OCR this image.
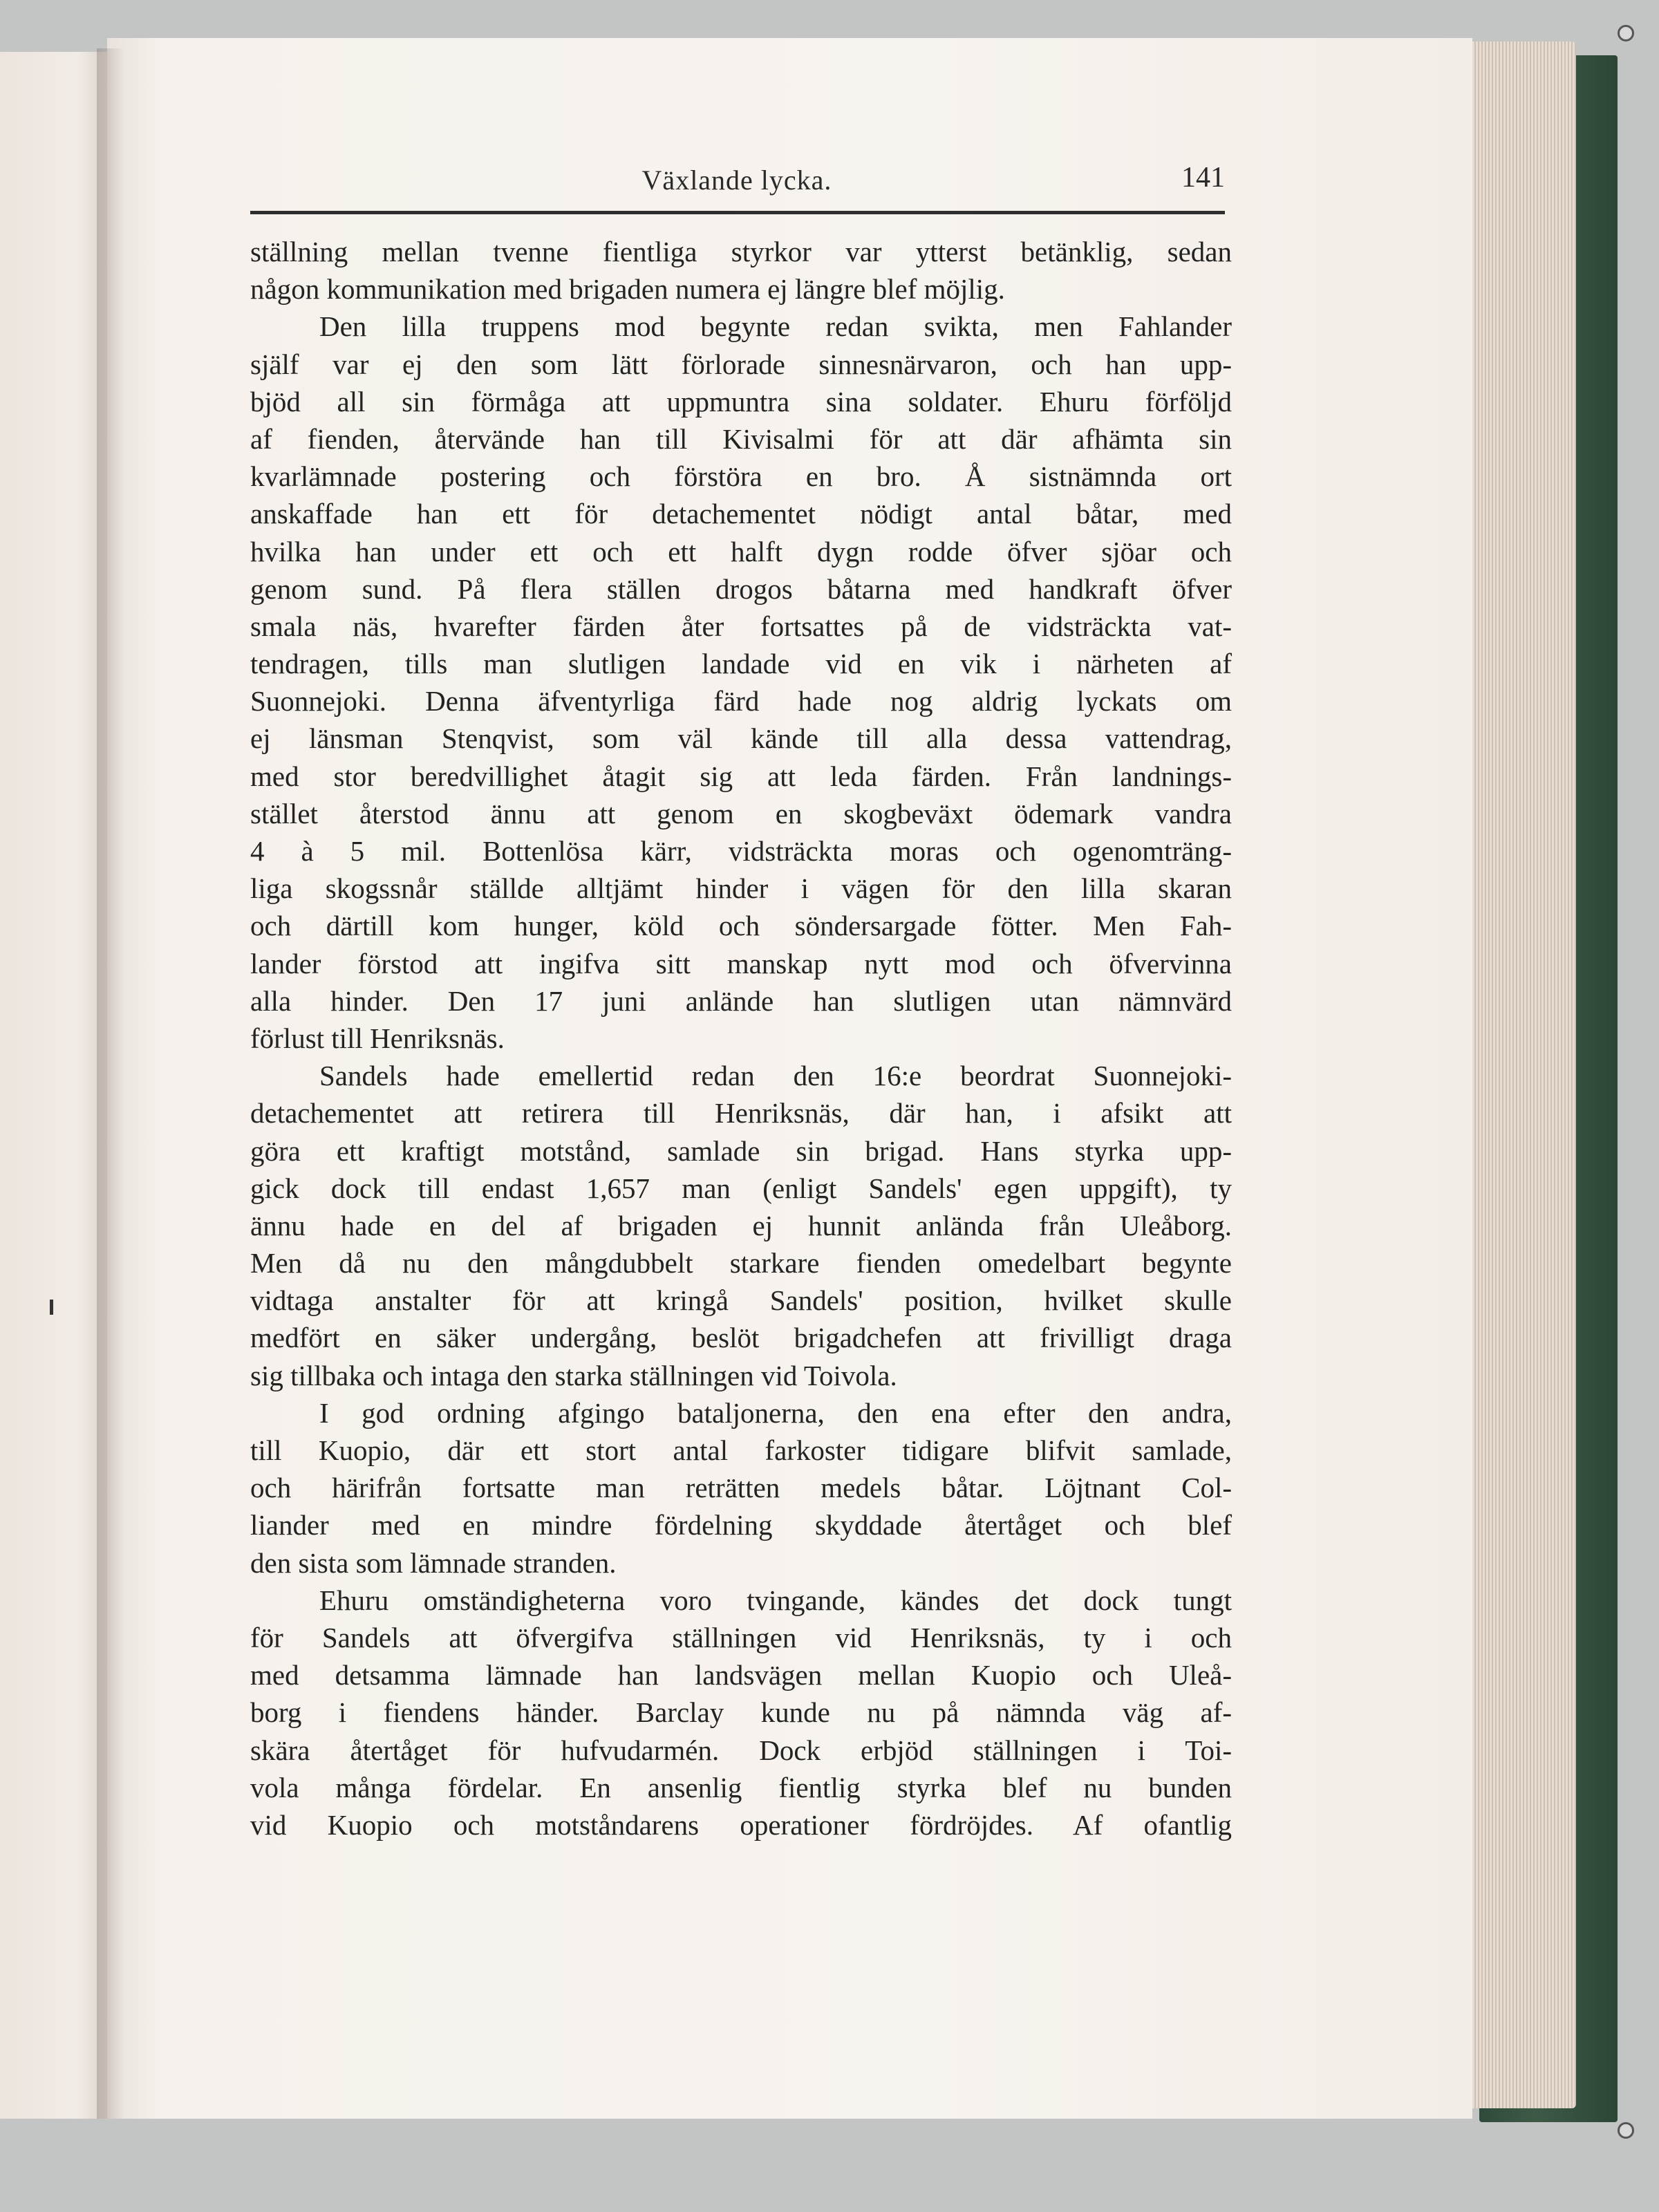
Växlande lycka.	141
ställning mellan tvenne fientliga styrkor var ytterst betänklig, sedan
någon kommunikation med brigaden numera ej längre blef möjlig.
Den lilla truppens mod begynte redan svikta, men Fahlander
själf var ej den som lätt förlorade sinnesnärvaron, och han upp-
bjöd all sin förmåga att uppmuntra sina soldater. Ehuru förföljd
af fienden, återvände han till Kivisalmi för att där afhämta sin
kvarlämnade postering och förstöra en bro. Å sistnämnda ort
anskaffade han ett för detachementet nödigt antal båtar, med
hvilka han under ett och ett halft dygn rodde öfver sjöar och
genom sund. På flera ställen drogos båtarna med handkraft öfver
smala näs, hvarefter färden åter fortsattes på de vidsträckta vat-
tendragen, tills man slutligen landade vid en vik i närheten af
Suonnejoki. Denna äfventyrliga färd hade nog aldrig lyckats om
ej länsman Stenqvist, som väl kände till alla dessa vattendrag,
med stor beredvillighet åtagit sig att leda färden. Från landnings-
stället återstod ännu att genom en skogbeväxt ödemark vandra
4 à 5 mil. Bottenlösa kärr, vidsträckta moras och ogenomträng-
liga skogssnår ställde alltjämt hinder i vägen för den lilla skaran
och därtill kom hunger, köld och söndersargade fötter. Men Fah-
lander förstod att ingifva sitt manskap nytt mod och öfvervinna
alla hinder. Den 17 juni anlände han slutligen utan nämnvärd
förlust till Henriksnäs.
Sandels hade emellertid redan den 16:e beordrat Suonnejoki-
detachementet att retirera till Henriksnäs, där han, i afsikt att
göra ett kraftigt motstånd, samlade sin brigad. Hans styrka upp-
gick dock till endast 1,657 man (enligt Sandels' egen uppgift), ty
ännu hade en del af brigaden ej hunnit anlända från Uleåborg.
Men då nu den mångdubbelt starkare fienden omedelbart begynte
vidtaga anstalter för att kringå Sandels' position, hvilket skulle
medfört en säker undergång, beslöt brigadchefen att frivilligt draga
sig tillbaka och intaga den starka ställningen vid Toivola.
I god ordning afgingo bataljonerna, den ena efter den andra,
till Kuopio, där ett stort antal farkoster tidigare blifvit samlade,
och härifrån fortsatte man reträtten medels båtar. Löjtnant Col-
liander med en mindre fördelning skyddade återtåget och blef
den sista som lämnade stranden.
Ehuru omständigheterna voro tvingande, kändes det dock tungt
för Sandels att öfvergifva ställningen vid Henriksnäs, ty i och
med detsamma lämnade han landsvägen mellan Kuopio och Uleå-
borg i fiendens händer. Barclay kunde nu på nämnda väg af-
skära återtåget för hufvudarmén. Dock erbjöd ställningen i Toi-
vola många fördelar. En ansenlig fientlig styrka blef nu bunden
vid Kuopio och motståndarens operationer fördröjdes. Af ofantlig
